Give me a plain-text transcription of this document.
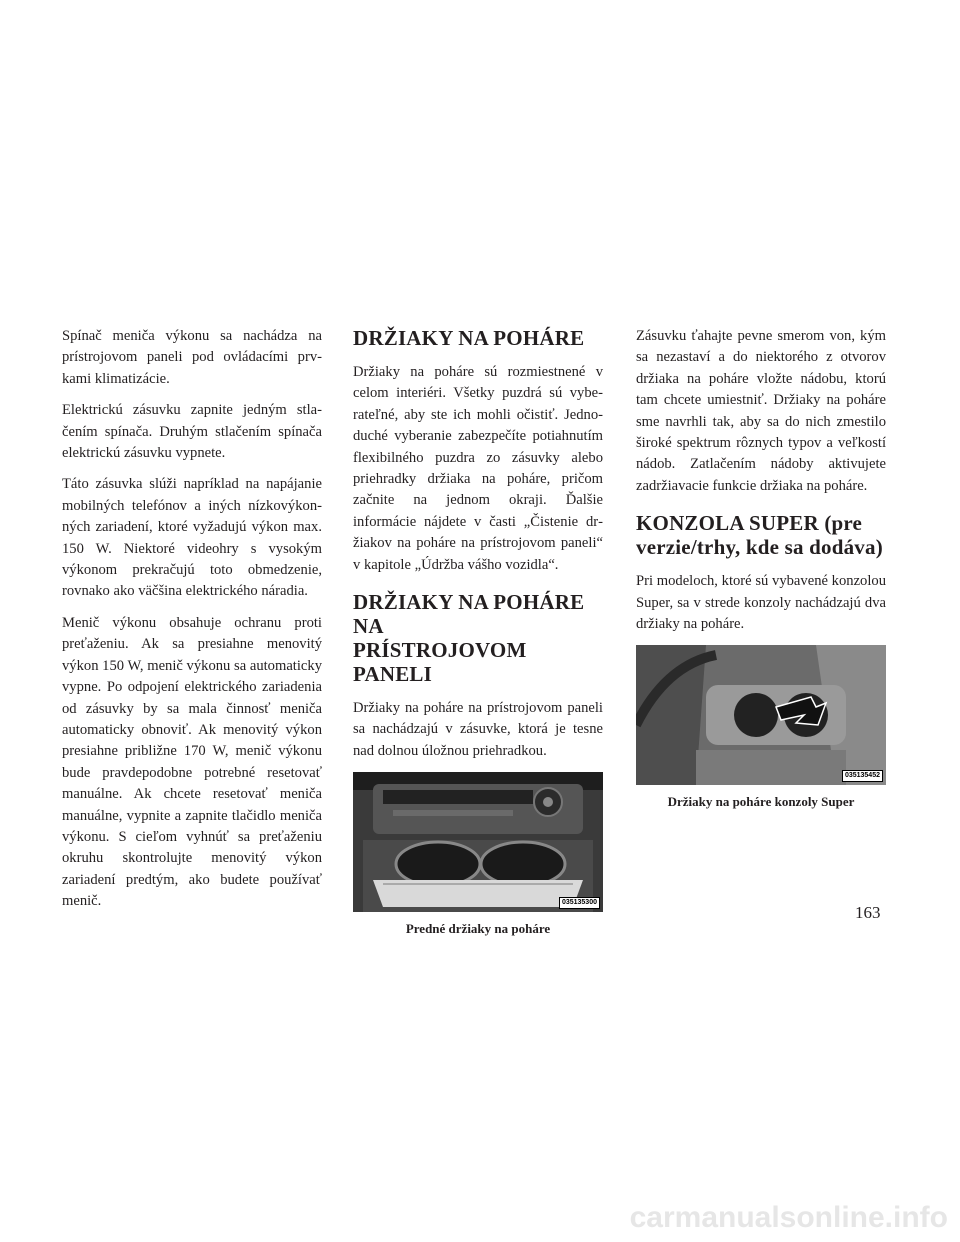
Spínač meniča výkonu sa nachádza na prístrojovom paneli pod ovládacími prvkami klimatizácie.

Elektrickú zásuvku zapnite jedným stlačením spínača. Druhým stlačením spínača elektrickú zásuvku vypnete.

Táto zásuvka slúži napríklad na napájanie mobilných telefónov a iných nízkovýkonných zariadení, ktoré vyžadujú výkon max. 150 W. Niektoré videohry s vysokým výkonom prekračujú toto obmedzenie, rovnako ako väčšina elektrického náradia.

Menič výkonu obsahuje ochranu proti preťaženiu. Ak sa presiahne menovitý výkon 150 W, menič výkonu sa automaticky vypne. Po odpojení elektrického zariadenia od zásuvky by sa mala činnosť meniča automaticky obnoviť. Ak menovitý výkon presiahne približne 170 W, menič výkonu bude pravdepodobne potrebné resetovať manuálne. Ak chcete resetovať meniča manuálne, vypnite a zapnite tlačidlo meniča výkonu. S cieľom vyhnúť sa preťaženiu okruhu skontrolujte menovitý výkon zariadení predtým, ako budete používať menič.

DRŽIAKY NA POHÁRE

Držiaky na poháre sú rozmiestnené v celom interiéri. Všetky puzdrá sú vyberateľné, aby ste ich mohli očistiť. Jednoduché vyberanie zabezpečíte potiahnutím flexibilného puzdra zo zásuvky alebo priehradky držiaka na poháre, pričom začnite na jednom okraji. Ďalšie informácie nájdete v časti „Čistenie držiakov na poháre na prístrojovom paneli“ v kapitole „Údržba vášho vozidla“.

DRŽIAKY NA POHÁRE NA
PRÍSTROJOVOM PANELI

Držiaky na poháre na prístrojovom paneli sa nachádzajú v zásuvke, ktorá je tesne nad dolnou úložnou priehradkou.

035135300
Predné držiaky na poháre

Zásuvku ťahajte pevne smerom von, kým sa nezastaví a do niektorého z otvorov držiaka na poháre vložte nádobu, ktorú tam chcete umiestniť. Držiaky na poháre sme navrhli tak, aby sa do nich zmestilo široké spektrum rôznych typov a veľkostí nádob. Zatlačením nádoby aktivujete zadržiavacie funkcie držiaka na poháre.

KONZOLA SUPER (pre
verzie/trhy, kde sa dodáva)

Pri modeloch, ktoré sú vybavené konzolou Super, sa v strede konzoly nachádzajú dva držiaky na poháre.

035135452
Držiaky na poháre konzoly Super
163
carmanualsonline.info
